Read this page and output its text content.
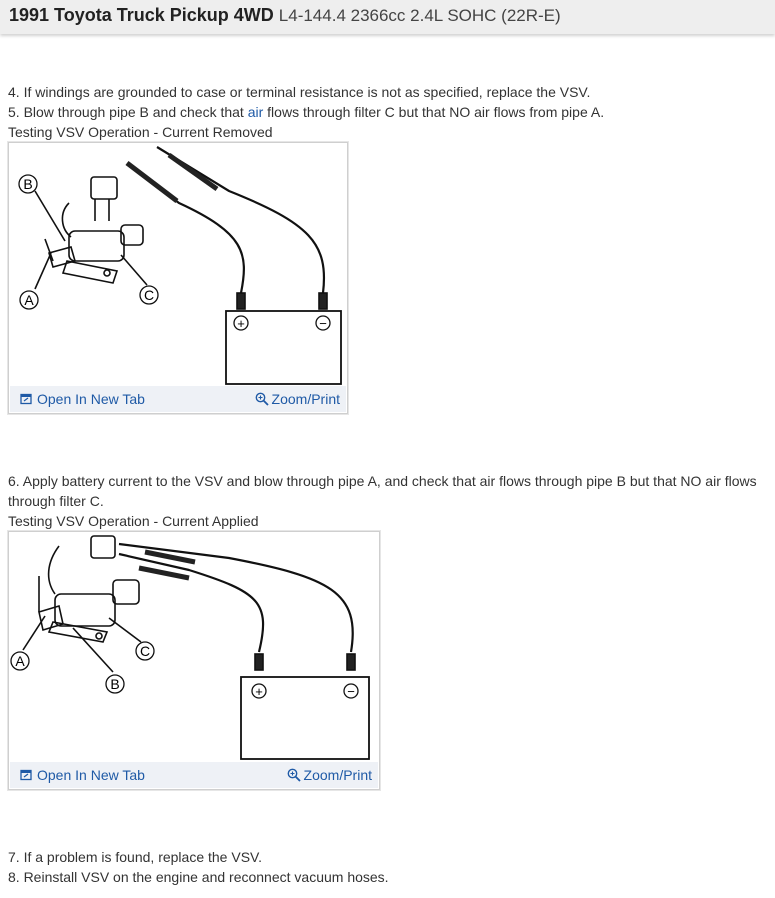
1991 Toyota Truck Pickup 4WD L4-144.4 2366cc 2.4L SOHC (22R-E)
4. If windings are grounded to case or terminal resistance is not as specified, replace the VSV.
5. Blow through pipe B and check that air flows through filter C but that NO air flows from pipe A.
Testing VSV Operation - Current Removed
B
A	C
+	−
Open In New Tab	Zoom/Print
6. Apply battery current to the VSV and blow through pipe A, and check that air flows through pipe B but that NO air flows through filter C.
Testing VSV Operation - Current Applied
A
B
C
+	−
Open In New Tab	Zoom/Print
7. If a problem is found, replace the VSV.
8. Reinstall VSV on the engine and reconnect vacuum hoses.
